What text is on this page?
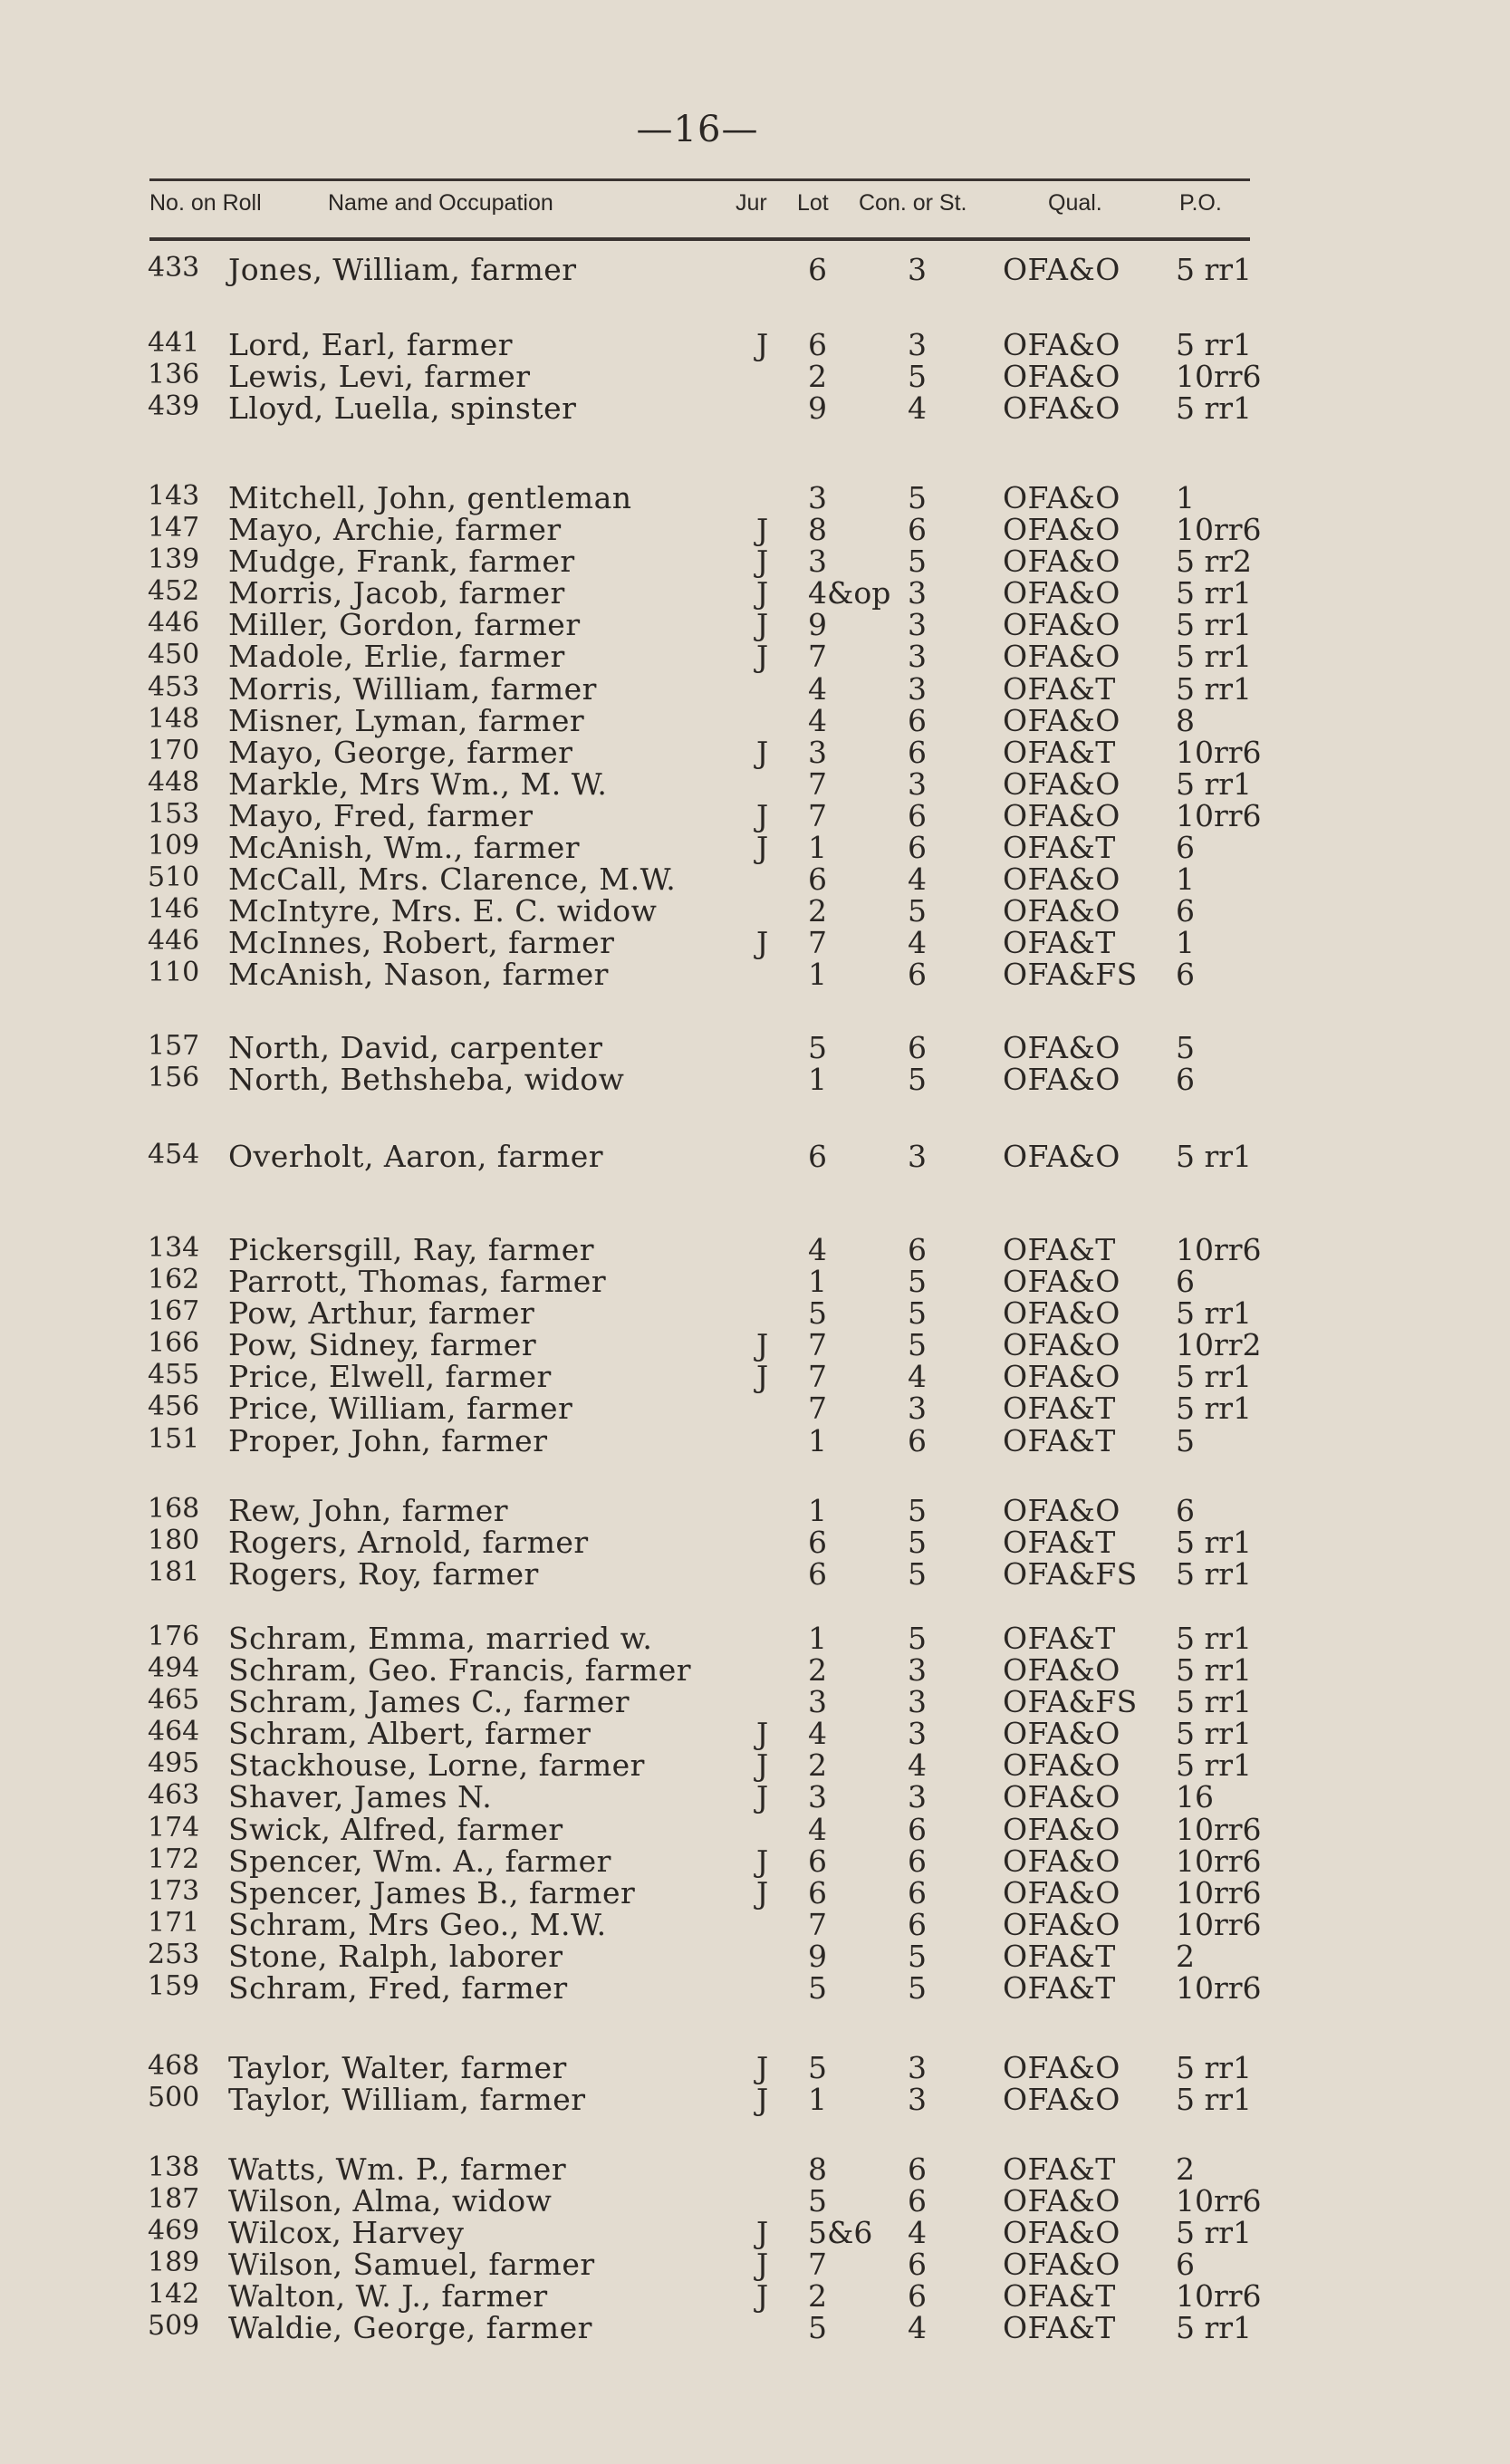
—16—
No. on Roll	Name and Occupation	Jur Lot Con. or St.	Qual.	P.O.
433 Jones, William, farmer	6	3	OFA&O 5 rr1
441 Lord, Earl, farmer	J 6	3	OFA&O 5 rr1
136 Lewis, Levi, farmer	2	5	OFA&O 10rr6
439 Lloyd, Luella, spinster	9	4	OFA&O 5 rr1
143 Mitchell, John, gentleman	3	5	OFA&O 1
147 Mayo, Archie, farmer	J 8	6	OFA&O 10rr6
139 Mudge, Frank, farmer	J 3	5	OFA&O 5 rr2
452 Morris, Jacob, farmer	J 4&op 3	OFA&O 5 rr1
446 Miller, Gordon, farmer	J 9	3	OFA&O 5 rr1
450 Madole, Erlie, farmer	J 7	3	OFA&O 5 rr1
453 Morris, William, farmer	4	3	OFA&T 5 rr1
148 Misner, Lyman, farmer	4	6	OFA&O 8
170 Mayo, George, farmer	J 3	6	OFA&T 10rr6
448 Markle, Mrs Wm., M. W.	7	3	OFA&O 5 rr1
153 Mayo, Fred, farmer	J 7	6	OFA&O 10rr6
109 McAnish, Wm., farmer	J 1	6	OFA&T 6
510 McCall, Mrs. Clarence, M.W.	6	4	OFA&O 1
146 McIntyre, Mrs. E. C. widow	2	5	OFA&O 6
446 McInnes, Robert, farmer	J 7	4	OFA&T 1
110 McAnish, Nason, farmer	1	6	OFA&FS 6
157 North, David, carpenter	5	6	OFA&O 5
156 North, Bethsheba, widow	1	5	OFA&O 6
454 Overholt, Aaron, farmer	6	3	OFA&O 5 rr1
134 Pickersgill, Ray, farmer	4	6	OFA&T 10rr6
162 Parrott, Thomas, farmer	1	5	OFA&O 6
167 Pow, Arthur, farmer	5	5	OFA&O 5 rr1
166 Pow, Sidney, farmer	J 7	5	OFA&O 10rr2
455 Price, Elwell, farmer	J 7	4	OFA&O 5 rr1
456 Price, William, farmer	7	3	OFA&T 5 rr1
151 Proper, John, farmer	1	6	OFA&T 5
168 Rew, John, farmer	1	5	OFA&O 6
180 Rogers, Arnold, farmer	6	5	OFA&T 5 rr1
181 Rogers, Roy, farmer	6	5	OFA&FS 5 rr1
176 Schram, Emma, married w.	1	5	OFA&T 5 rr1
494 Schram, Geo. Francis, farmer	2	3	OFA&O 5 rr1
465 Schram, James C., farmer	3	3	OFA&FS 5 rr1
464 Schram, Albert, farmer	J 4	3	OFA&O 5 rr1
495 Stackhouse, Lorne, farmer	J 2	4	OFA&O 5 rr1
463 Shaver, James N.	J 3	3	OFA&O 16
174 Swick, Alfred, farmer	4	6	OFA&O 10rr6
172 Spencer, Wm. A., farmer	J 6	6	OFA&O 10rr6
173 Spencer, James B., farmer	J 6	6	OFA&O 10rr6
171 Schram, Mrs Geo., M.W.	7	6	OFA&O 10rr6
253 Stone, Ralph, laborer	9	5	OFA&T 2
159 Schram, Fred, farmer	5	5	OFA&T 10rr6
468 Taylor, Walter, farmer	J 5	3	OFA&O 5 rr1
500 Taylor, William, farmer	J 1	3	OFA&O 5 rr1
138 Watts, Wm. P., farmer	8	6	OFA&T 2
187 Wilson, Alma, widow	5	6	OFA&O 10rr6
469 Wilcox, Harvey	J 5&6 4	OFA&O 5 rr1
189 Wilson, Samuel, farmer	J 7	6	OFA&O 6
142 Walton, W. J., farmer	J 2	6	OFA&T 10rr6
509 Waldie, George, farmer	5	4	OFA&T 5 rr1
